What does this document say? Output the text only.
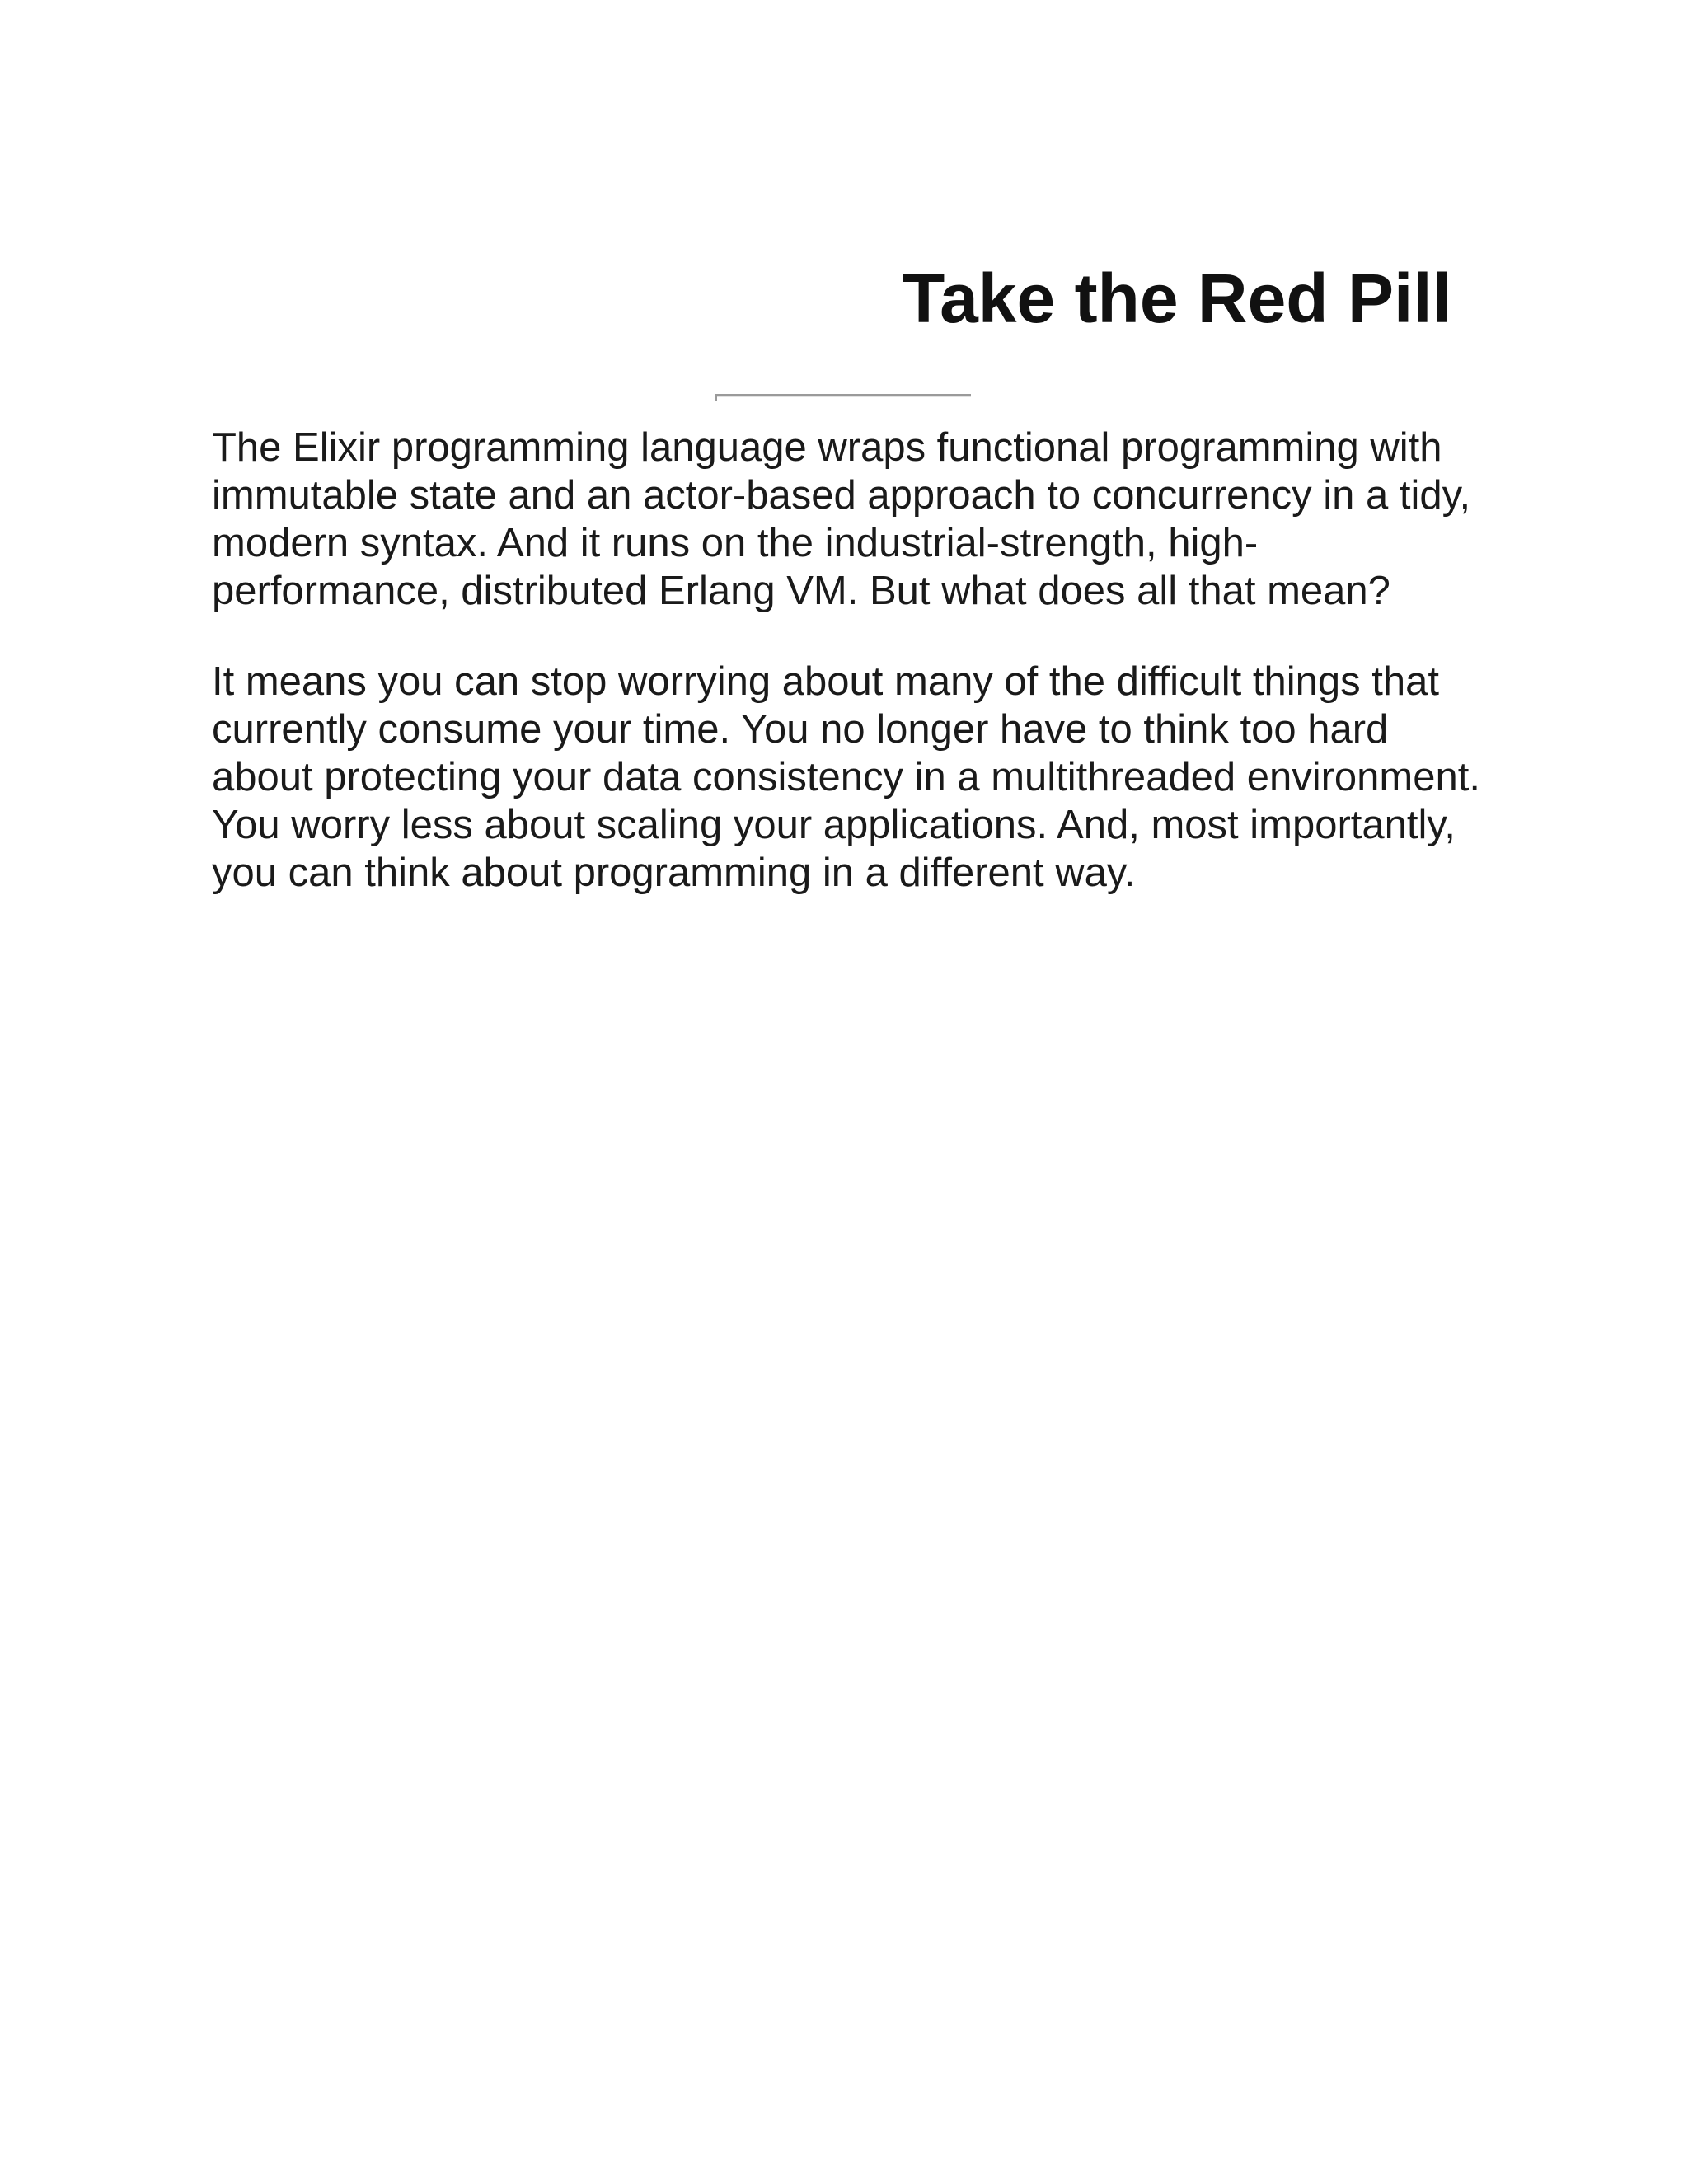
Take the Red Pill

The Elixir programming language wraps functional programming with immutable state and an actor-based approach to concurrency in a tidy, modern syntax. And it runs on the industrial-strength, high-performance, distributed Erlang VM. But what does all that mean?

It means you can stop worrying about many of the difficult things that currently consume your time. You no longer have to think too hard about protecting your data consistency in a multithreaded environment. You worry less about scaling your applications. And, most importantly, you can think about programming in a different way.
